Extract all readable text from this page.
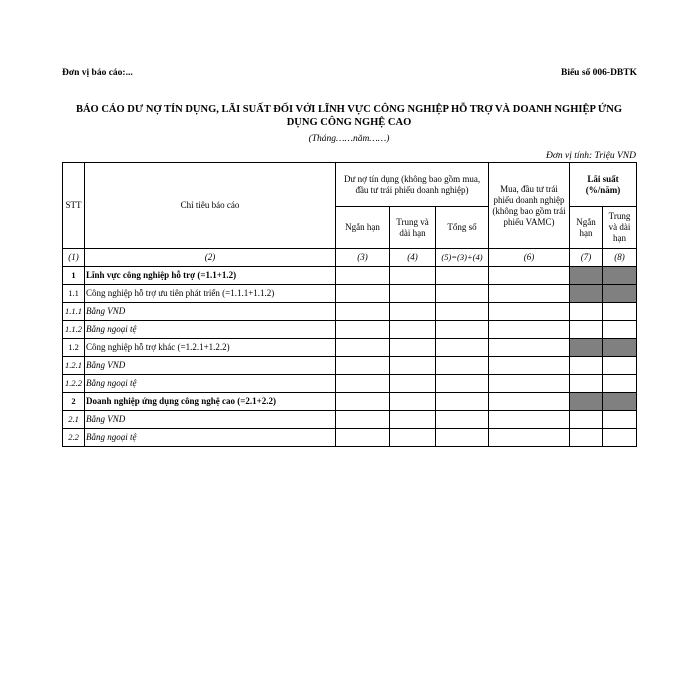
Đơn vị báo cáo:...	Biểu số 006-DBTK
BÁO CÁO DƯ NỢ TÍN DỤNG, LÃI SUẤT ĐỐI VỚI LĨNH VỰC CÔNG NGHIỆP HỖ TRỢ VÀ DOANH NGHIỆP ỨNG
DỤNG CÔNG NGHỆ CAO
(Tháng……năm……)
Đơn vị tính: Triệu VND
STT	Chỉ tiêu báo cáo	Dư nợ tín dụng (không bao gồm mua, đầu tư trái phiếu doanh nghiệp)			Mua, đầu tư trái phiếu doanh nghiệp (không bao gồm trái phiếu VAMC)	Lãi suất (%/năm)	
		Ngắn hạn	Trung và dài hạn	Tổng số		Ngắn hạn	Trung và dài hạn
(1)	(2)	(3)	(4)	(5)=(3)+(4)	(6)	(7)	(8)
1	Lĩnh vực công nghiệp hỗ trợ (=1.1+1.2)						
1.1	Công nghiệp hỗ trợ ưu tiên phát triển (=1.1.1+1.1.2)						
1.1.1	Bằng VND						
1.1.2	Bằng ngoại tệ						
1.2	Công nghiệp hỗ trợ khác (=1.2.1+1.2.2)						
1.2.1	Bằng VND						
1.2.2	Bằng ngoại tệ						
2	Doanh nghiệp ứng dụng công nghệ cao (=2.1+2.2)						
2.1	Bằng VND						
2.2	Bằng ngoại tệ						
